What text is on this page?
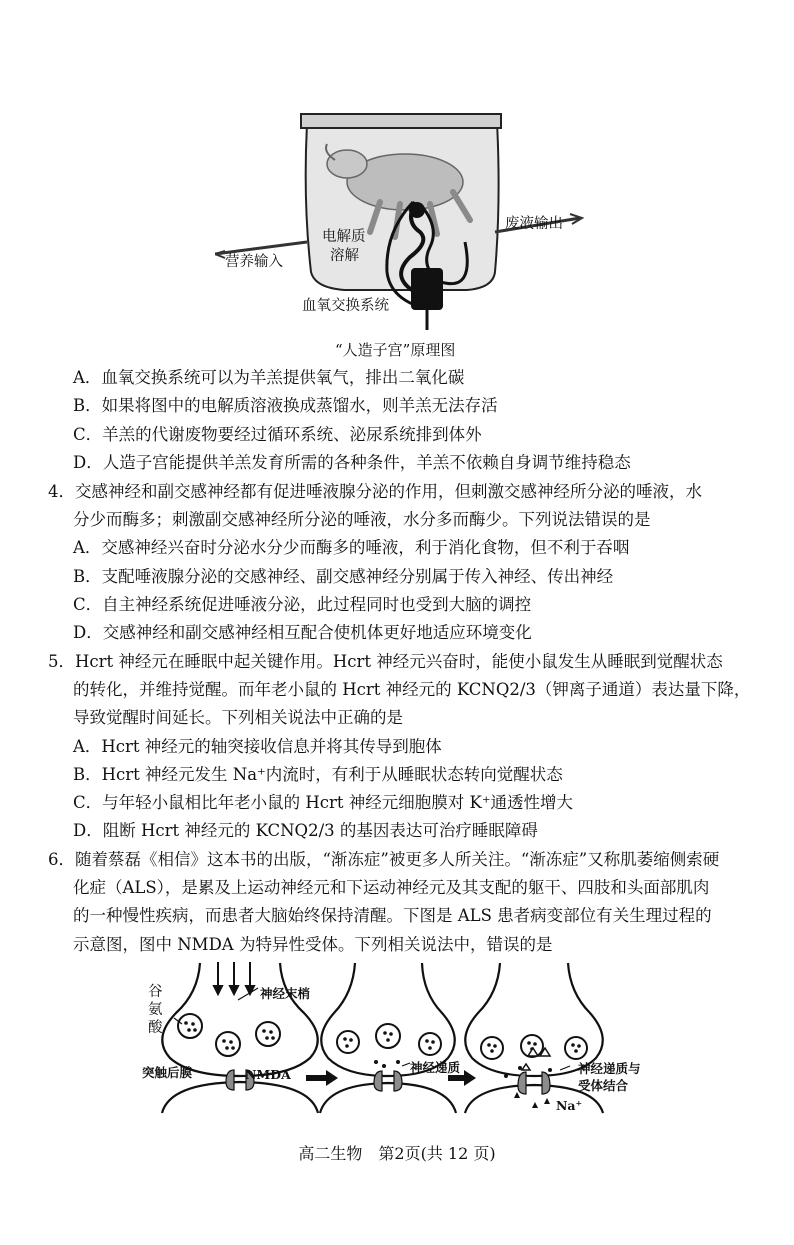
电解质
溶解
废液输出
营养输入
血氧交换系统
“人造子宫”原理图
A．血氧交换系统可以为羊羔提供氧气，排出二氧化碳
B．如果将图中的电解质溶液换成蒸馏水，则羊羔无法存活
C．羊羔的代谢废物要经过循环系统、泌尿系统排到体外
D．人造子宫能提供羊羔发育所需的各种条件，羊羔不依赖自身调节维持稳态
4．交感神经和副交感神经都有促进唾液腺分泌的作用，但刺激交感神经所分泌的唾液，水
分少而酶多；刺激副交感神经所分泌的唾液，水分多而酶少。下列说法错误的是
A．交感神经兴奋时分泌水分少而酶多的唾液，利于消化食物，但不利于吞咽
B．支配唾液腺分泌的交感神经、副交感神经分别属于传入神经、传出神经
C．自主神经系统促进唾液分泌，此过程同时也受到大脑的调控
D．交感神经和副交感神经相互配合使机体更好地适应环境变化
5．Hcrt 神经元在睡眠中起关键作用。Hcrt 神经元兴奋时，能使小鼠发生从睡眠到觉醒状态
的转化，并维持觉醒。而年老小鼠的 Hcrt 神经元的 KCNQ2/3（钾离子通道）表达量下降，
导致觉醒时间延长。下列相关说法中正确的是
A．Hcrt 神经元的轴突接收信息并将其传导到胞体
B．Hcrt 神经元发生 Na⁺内流时，有利于从睡眠状态转向觉醒状态
C．与年轻小鼠相比年老小鼠的 Hcrt 神经元细胞膜对 K⁺通透性增大
D．阻断 Hcrt 神经元的 KCNQ2/3 的基因表达可治疗睡眠障碍
6．随着蔡磊《相信》这本书的出版，“渐冻症”被更多人所关注。“渐冻症”又称肌萎缩侧索硬
化症（ALS），是累及上运动神经元和下运动神经元及其支配的躯干、四肢和头面部肌肉
的一种慢性疾病，而患者大脑始终保持清醒。下图是 ALS 患者病变部位有关生理过程的
示意图，图中 NMDA 为特异性受体。下列相关说法中，错误的是
谷
氨
酸
神经末梢
突触后膜	NMDA	神经递质	神经递质与
受体结合
Na⁺
高二生物　第2页(共 12 页)
